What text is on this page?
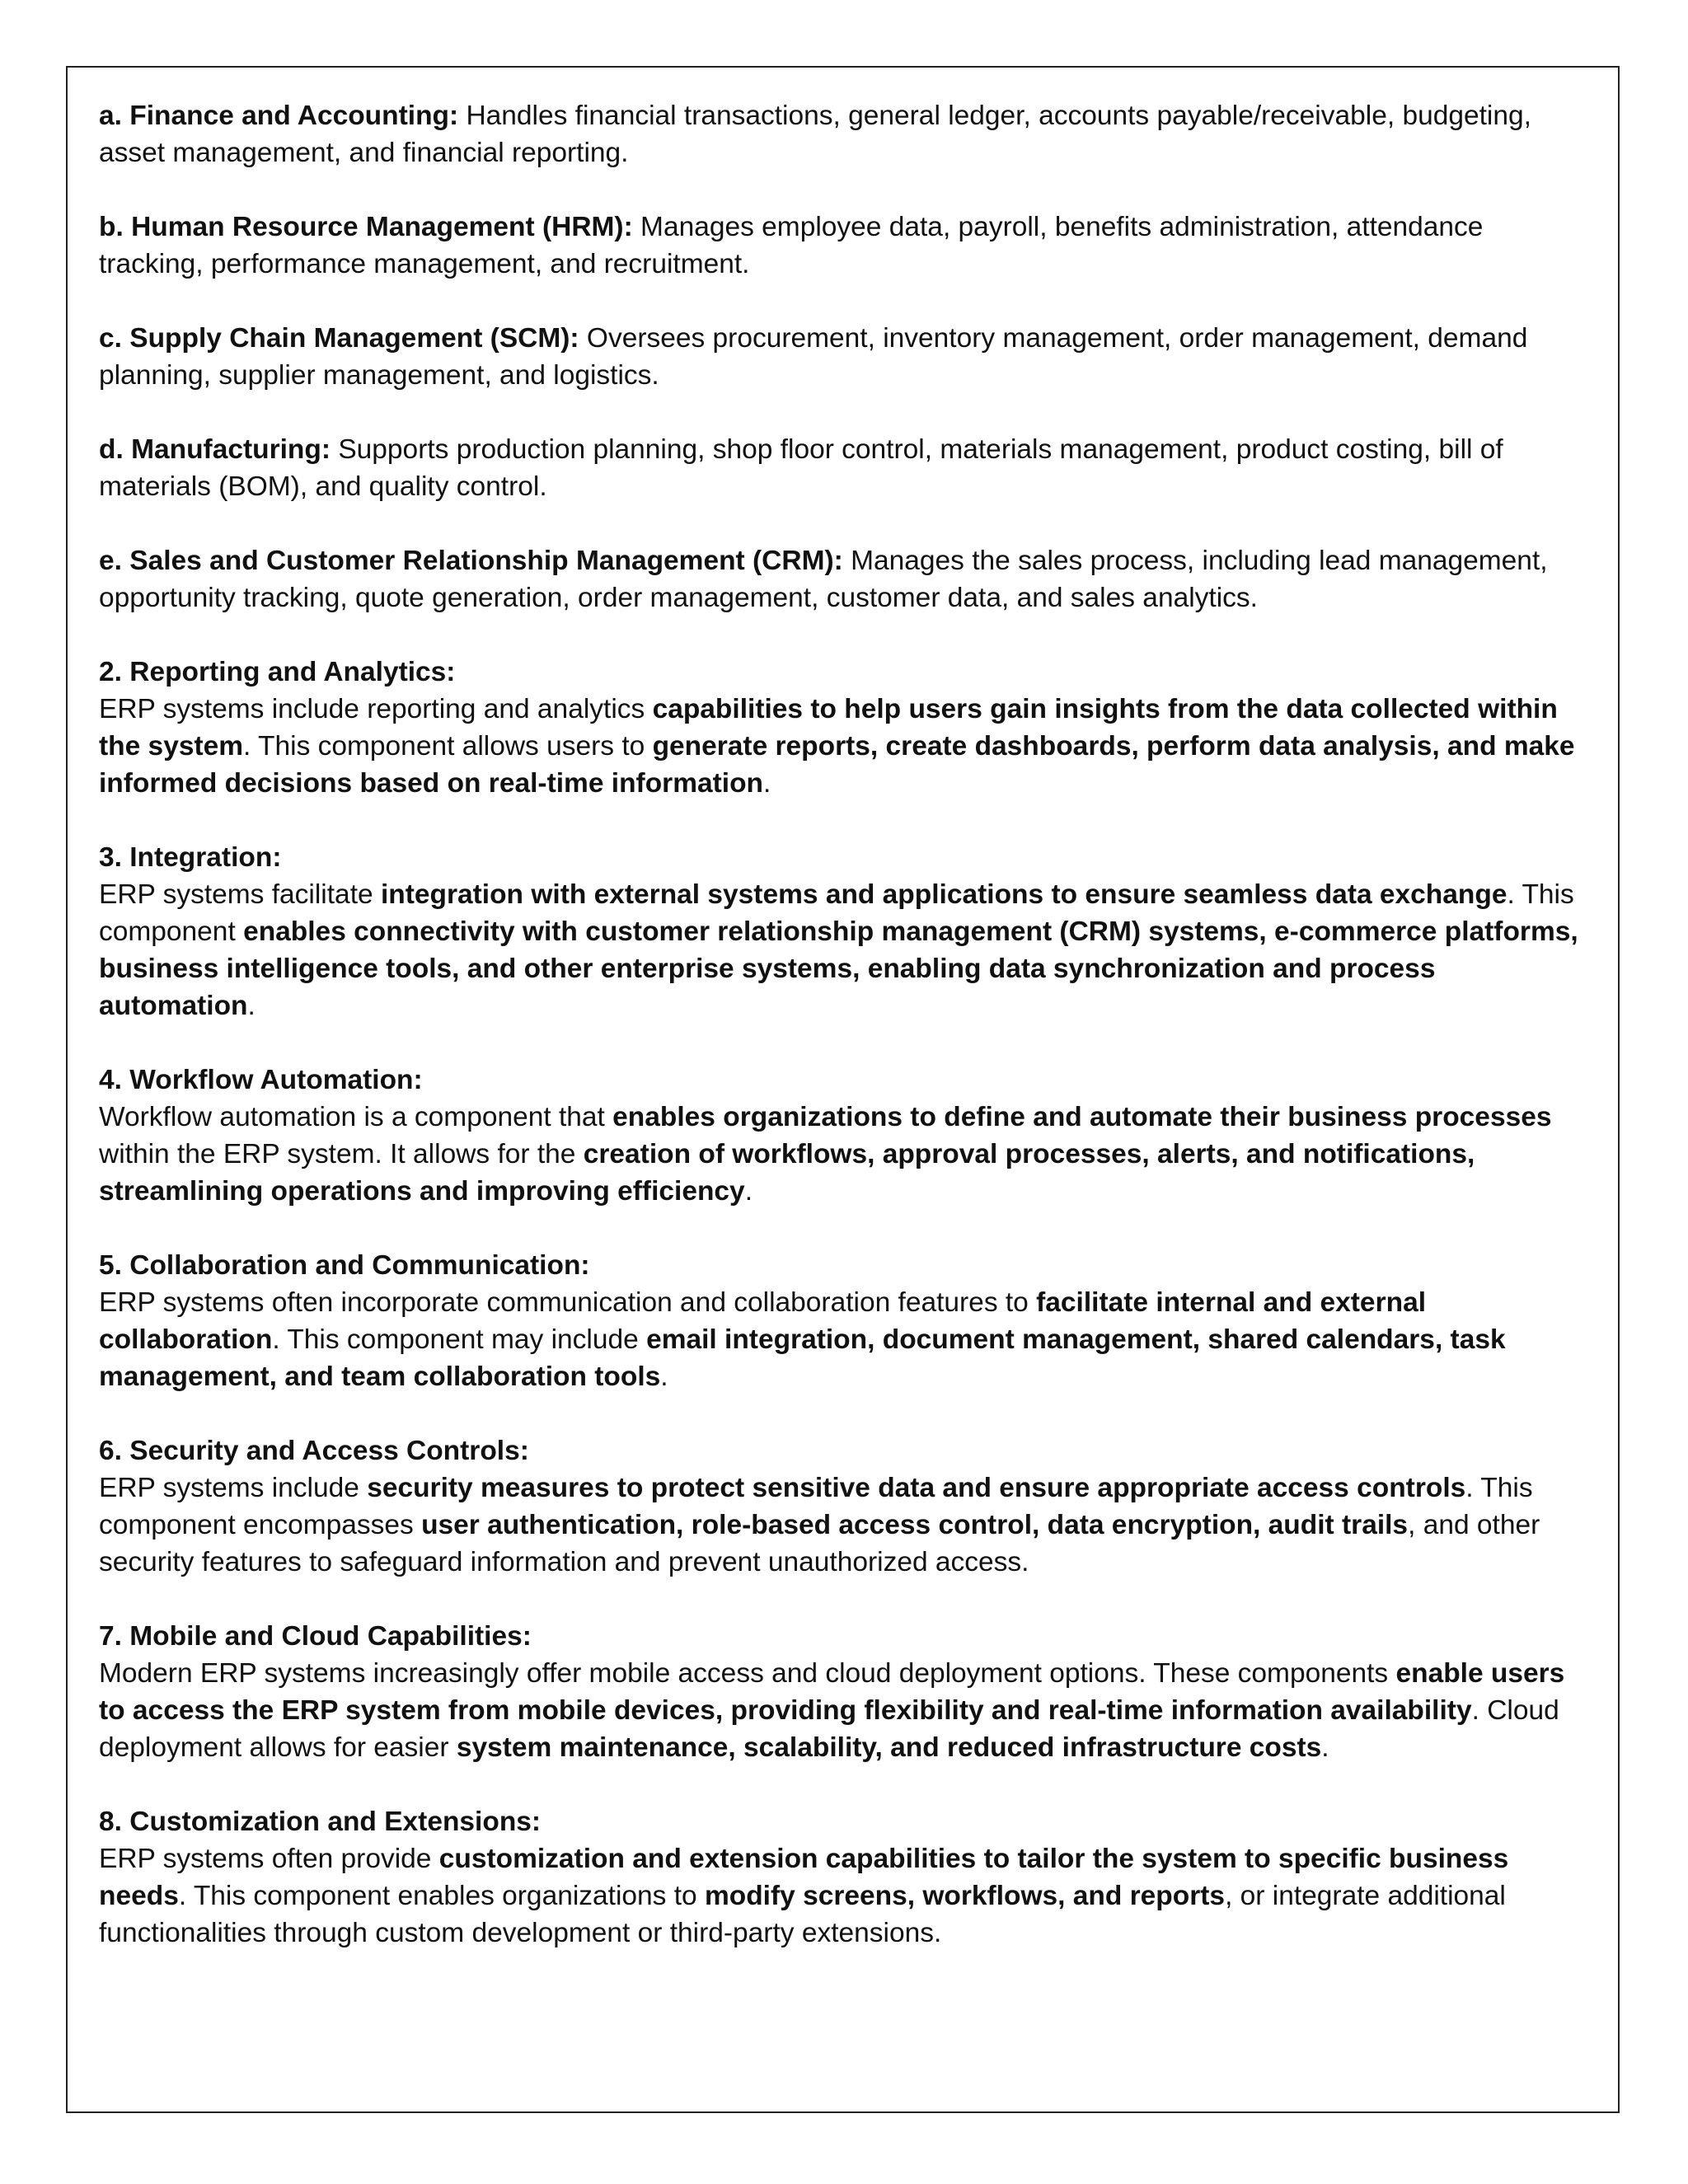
a. Finance and Accounting: Handles financial transactions, general ledger, accounts payable/receivable, budgeting, asset management, and financial reporting.

b. Human Resource Management (HRM): Manages employee data, payroll, benefits administration, attendance tracking, performance management, and recruitment.

c. Supply Chain Management (SCM): Oversees procurement, inventory management, order management, demand planning, supplier management, and logistics.

d. Manufacturing: Supports production planning, shop floor control, materials management, product costing, bill of materials (BOM), and quality control.

e. Sales and Customer Relationship Management (CRM): Manages the sales process, including lead management, opportunity tracking, quote generation, order management, customer data, and sales analytics.

2. Reporting and Analytics:

ERP systems include reporting and analytics capabilities to help users gain insights from the data collected within the system. This component allows users to generate reports, create dashboards, perform data analysis, and make informed decisions based on real-time information.

3. Integration:

ERP systems facilitate integration with external systems and applications to ensure seamless data exchange. This component enables connectivity with customer relationship management (CRM) systems, e-commerce platforms, business intelligence tools, and other enterprise systems, enabling data synchronization and process automation.

4. Workflow Automation:

Workflow automation is a component that enables organizations to define and automate their business processes within the ERP system. It allows for the creation of workflows, approval processes, alerts, and notifications, streamlining operations and improving efficiency.

5. Collaboration and Communication:

ERP systems often incorporate communication and collaboration features to facilitate internal and external collaboration. This component may include email integration, document management, shared calendars, task management, and team collaboration tools.

6. Security and Access Controls:

ERP systems include security measures to protect sensitive data and ensure appropriate access controls. This component encompasses user authentication, role-based access control, data encryption, audit trails, and other security features to safeguard information and prevent unauthorized access.

7. Mobile and Cloud Capabilities:

Modern ERP systems increasingly offer mobile access and cloud deployment options. These components enable users to access the ERP system from mobile devices, providing flexibility and real-time information availability. Cloud deployment allows for easier system maintenance, scalability, and reduced infrastructure costs.

8. Customization and Extensions:

ERP systems often provide customization and extension capabilities to tailor the system to specific business needs. This component enables organizations to modify screens, workflows, and reports, or integrate additional functionalities through custom development or third-party extensions.
